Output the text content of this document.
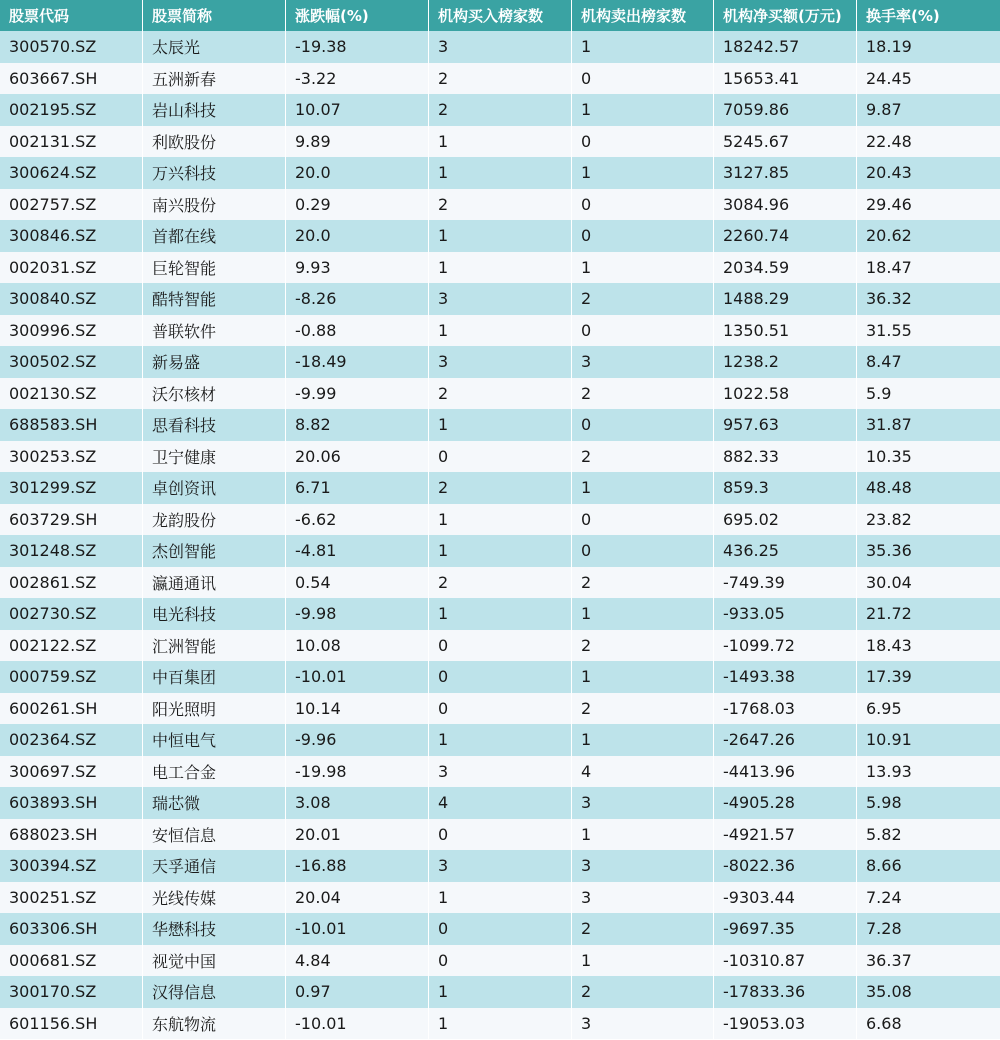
股票代码	股票简称	涨跌幅(%)	机构买入榜家数	机构卖出榜家数	机构净买额(万元)	换手率(%)
300570.SZ	太辰光	-19.38	3	1	18242.57	18.19
603667.SH	五洲新春	-3.22	2	0	15653.41	24.45
002195.SZ	岩山科技	10.07	2	1	7059.86	9.87
002131.SZ	利欧股份	9.89	1	0	5245.67	22.48
300624.SZ	万兴科技	20.0	1	1	3127.85	20.43
002757.SZ	南兴股份	0.29	2	0	3084.96	29.46
300846.SZ	首都在线	20.0	1	0	2260.74	20.62
002031.SZ	巨轮智能	9.93	1	1	2034.59	18.47
300840.SZ	酷特智能	-8.26	3	2	1488.29	36.32
300996.SZ	普联软件	-0.88	1	0	1350.51	31.55
300502.SZ	新易盛	-18.49	3	3	1238.2	8.47
002130.SZ	沃尔核材	-9.99	2	2	1022.58	5.9
688583.SH	思看科技	8.82	1	0	957.63	31.87
300253.SZ	卫宁健康	20.06	0	2	882.33	10.35
301299.SZ	卓创资讯	6.71	2	1	859.3	48.48
603729.SH	龙韵股份	-6.62	1	0	695.02	23.82
301248.SZ	杰创智能	-4.81	1	0	436.25	35.36
002861.SZ	瀛通通讯	0.54	2	2	-749.39	30.04
002730.SZ	电光科技	-9.98	1	1	-933.05	21.72
002122.SZ	汇洲智能	10.08	0	2	-1099.72	18.43
000759.SZ	中百集团	-10.01	0	1	-1493.38	17.39
600261.SH	阳光照明	10.14	0	2	-1768.03	6.95
002364.SZ	中恒电气	-9.96	1	1	-2647.26	10.91
300697.SZ	电工合金	-19.98	3	4	-4413.96	13.93
603893.SH	瑞芯微	3.08	4	3	-4905.28	5.98
688023.SH	安恒信息	20.01	0	1	-4921.57	5.82
300394.SZ	天孚通信	-16.88	3	3	-8022.36	8.66
300251.SZ	光线传媒	20.04	1	3	-9303.44	7.24
603306.SH	华懋科技	-10.01	0	2	-9697.35	7.28
000681.SZ	视觉中国	4.84	0	1	-10310.87	36.37
300170.SZ	汉得信息	0.97	1	2	-17833.36	35.08
601156.SH	东航物流	-10.01	1	3	-19053.03	6.68
